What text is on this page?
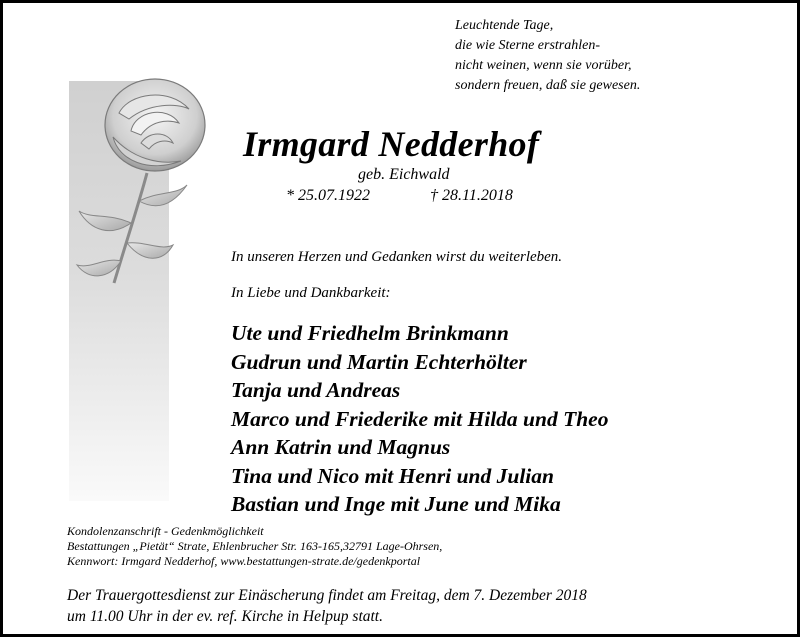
Leuchtende Tage,
die wie Sterne erstrahlen-
nicht weinen, wenn sie vorüber,
sondern freuen, daß sie gewesen.
Irmgard Nedderhof
geb. Eichwald
* 25.07.1922	† 28.11.2018
In unseren Herzen und Gedanken wirst du weiterleben.
In Liebe und Dankbarkeit:
Ute und Friedhelm Brinkmann
Gudrun und Martin Echterhölter
Tanja und Andreas
Marco und Friederike mit Hilda und Theo
Ann Katrin und Magnus
Tina und Nico mit Henri und Julian
Bastian und Inge mit June und Mika
Kondolenzanschrift - Gedenkmöglichkeit
Bestattungen „Pietät“ Strate, Ehlenbrucher Str. 163-165,32791 Lage-Ohrsen,
Kennwort: Irmgard Nedderhof, www.bestattungen-strate.de/gedenkportal
Der Trauergottesdienst zur Einäscherung findet am Freitag, dem 7. Dezember 2018
um 11.00 Uhr in der ev. ref. Kirche in Helpup statt.
